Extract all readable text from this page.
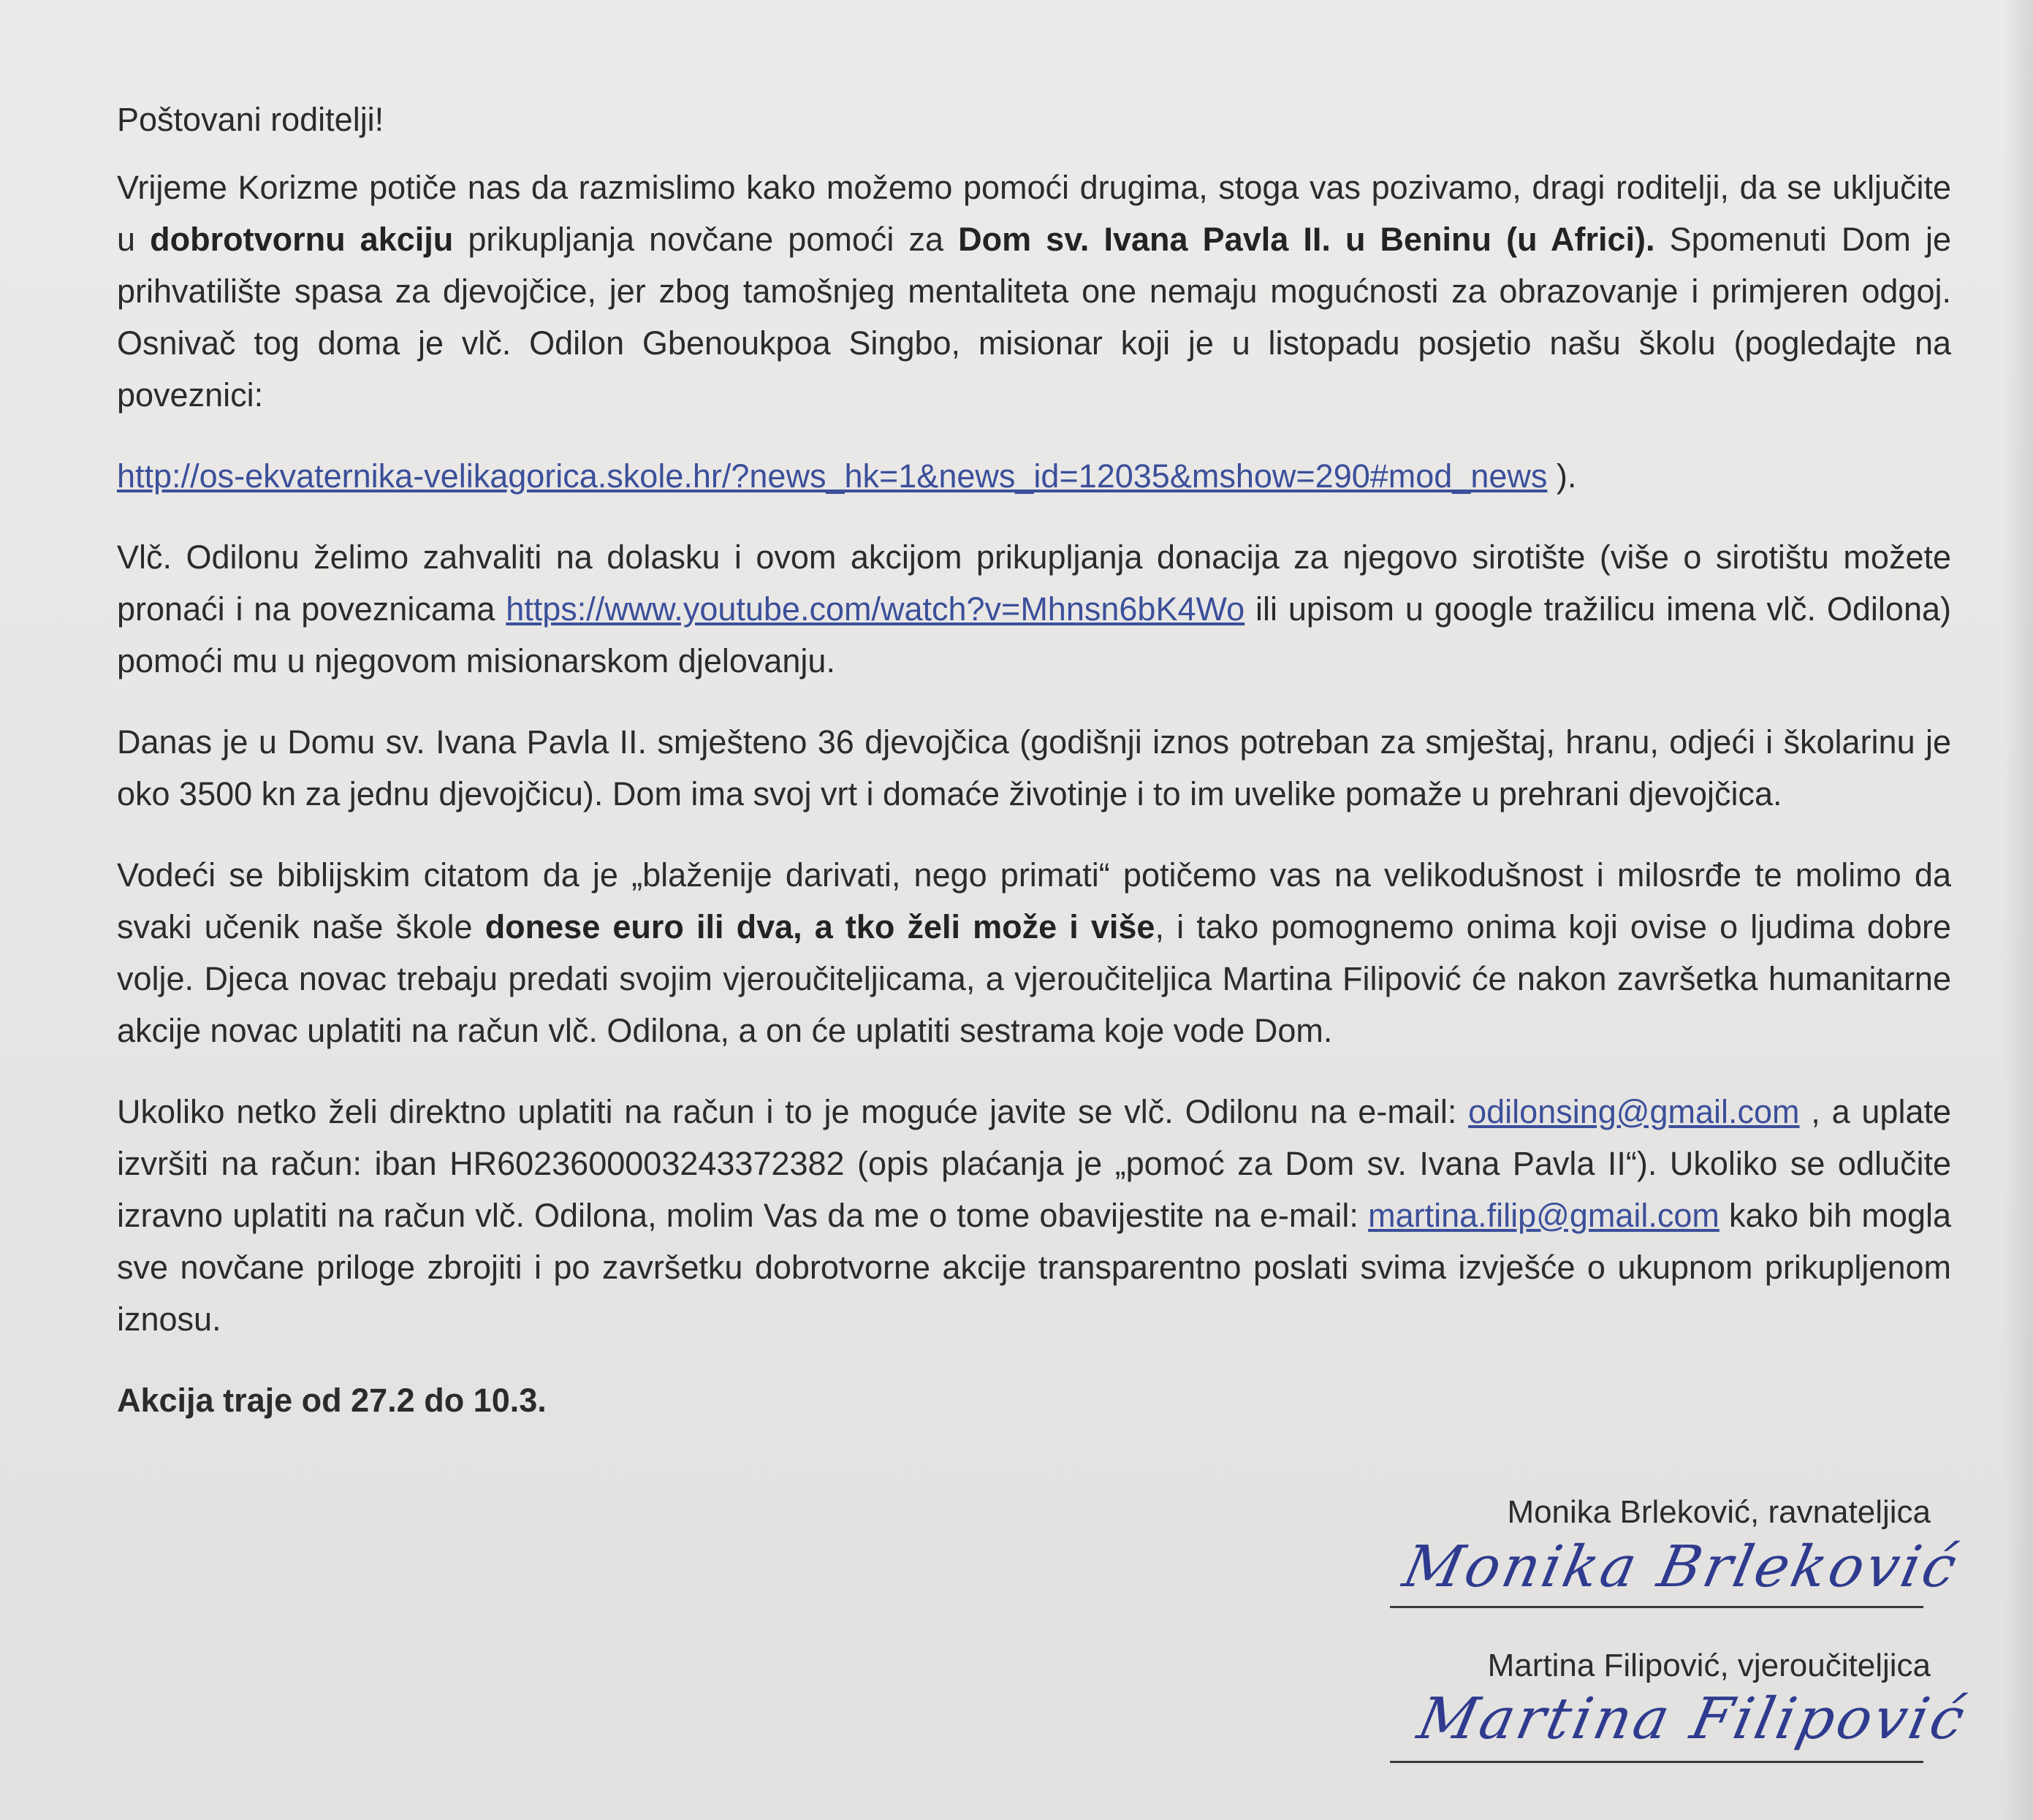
Poštovani roditelji!

Vrijeme Korizme potiče nas da razmislimo kako možemo pomoći drugima, stoga vas pozivamo, dragi roditelji, da se uključite u dobrotvornu akciju prikupljanja novčane pomoći za Dom sv. Ivana Pavla II. u Beninu (u Africi). Spomenuti Dom je prihvatilište spasa za djevojčice, jer zbog tamošnjeg mentaliteta one nemaju mogućnosti za obrazovanje i primjeren odgoj. Osnivač tog doma je vlč. Odilon Gbenoukpoa Singbo, misionar koji je u listopadu posjetio našu školu (pogledajte na poveznici:

http://os-ekvaternika-velikagorica.skole.hr/?news_hk=1&news_id=12035&mshow=290#mod_news ).

Vlč. Odilonu želimo zahvaliti na dolasku i ovom akcijom prikupljanja donacija za njegovo sirotište (više o sirotištu možete pronaći i na poveznicama https://www.youtube.com/watch?v=Mhnsn6bK4Wo ili upisom u google tražilicu imena vlč. Odilona) pomoći mu u njegovom misionarskom djelovanju.

Danas je u Domu sv. Ivana Pavla II. smješteno 36 djevojčica (godišnji iznos potreban za smještaj, hranu, odjeći i školarinu je oko 3500 kn za jednu djevojčicu). Dom ima svoj vrt i domaće životinje i to im uvelike pomaže u prehrani djevojčica.

Vodeći se biblijskim citatom da je „blaženije darivati, nego primati“ potičemo vas na velikodušnost i milosrđe te molimo da svaki učenik naše škole donese euro ili dva, a tko želi može i više, i tako pomognemo onima koji ovise o ljudima dobre volje. Djeca novac trebaju predati svojim vjeroučiteljicama, a vjeroučiteljica Martina Filipović će nakon završetka humanitarne akcije novac uplatiti na račun vlč. Odilona, a on će uplatiti sestrama koje vode Dom.

Ukoliko netko želi direktno uplatiti na račun i to je moguće javite se vlč. Odilonu na e-mail: odilonsing@gmail.com , a uplate izvršiti na račun: iban HR6023600003243372382 (opis plaćanja je „pomoć za Dom sv. Ivana Pavla II“). Ukoliko se odlučite izravno uplatiti na račun vlč. Odilona, molim Vas da me o tome obavijestite na e-mail: martina.filip@gmail.com kako bih mogla sve novčane priloge zbrojiti i po završetku dobrotvorne akcije transparentno poslati svima izvješće o ukupnom prikupljenom iznosu.

Akcija traje od 27.2 do 10.3.

Monika Brleković, ravnateljica
Monika Brleković
Martina Filipović, vjeroučiteljica
Martina Filipović
